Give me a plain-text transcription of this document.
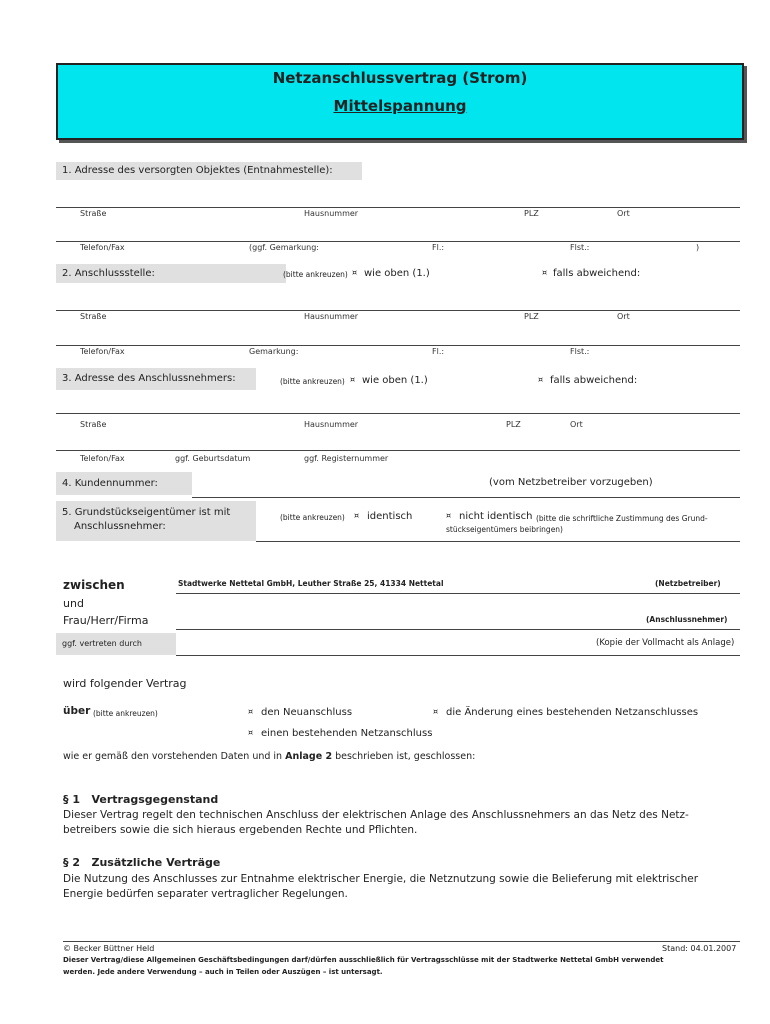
Netzanschlussvertrag (Strom)
Mittelspannung
1. Adresse des versorgten Objektes (Entnahmestelle):
Straße	Hausnummer	PLZ	Ort
Telefon/Fax	(ggf. Gemarkung:	Fl.:	Flst.:	)
2. Anschlussstelle:	(bitte ankreuzen) ¤ wie oben (1.)	¤ falls abweichend:
Straße	Hausnummer	PLZ	Ort
Telefon/Fax	Gemarkung:	Fl.:	Flst.:
3. Adresse des Anschlussnehmers:	(bitte ankreuzen) ¤ wie oben (1.)	¤ falls abweichend:
Straße	Hausnummer	PLZ	Ort
Telefon/Fax	ggf. Geburtsdatum	ggf. Registernummer
4. Kundennummer:	(vom Netzbetreiber vorzugeben)
5. Grundstückseigentümer ist mit
Anschlussnehmer:
(bitte ankreuzen) ¤ identisch	¤ nicht identisch (bitte die schriftliche Zustimmung des Grund-
stückseigentümers beibringen)
zwischen	Stadtwerke Nettetal GmbH, Leuther Straße 25, 41334 Nettetal	(Netzbetreiber)
und
Frau/Herr/Firma	(Anschlussnehmer)
ggf. vertreten durch	(Kopie der Vollmacht als Anlage)
wird folgender Vertrag
über (bitte ankreuzen)	¤ den Neuanschluss	¤ die Änderung eines bestehenden Netzanschlusses
¤ einen bestehenden Netzanschluss
wie er gemäß den vorstehenden Daten und in Anlage 2 beschrieben ist, geschlossen:
§ 1   Vertragsgegenstand
Dieser Vertrag regelt den technischen Anschluss der elektrischen Anlage des Anschlussnehmers an das Netz des Netz-
betreibers sowie die sich hieraus ergebenden Rechte und Pflichten.
§ 2   Zusätzliche Verträge
Die Nutzung des Anschlusses zur Entnahme elektrischer Energie, die Netznutzung sowie die Belieferung mit elektrischer
Energie bedürfen separater vertraglicher Regelungen.
© Becker Büttner Held	Stand: 04.01.2007
Dieser Vertrag/diese Allgemeinen Geschäftsbedingungen darf/dürfen ausschließlich für Vertragsschlüsse mit der Stadtwerke Nettetal GmbH verwendet
werden. Jede andere Verwendung – auch in Teilen oder Auszügen – ist untersagt.
